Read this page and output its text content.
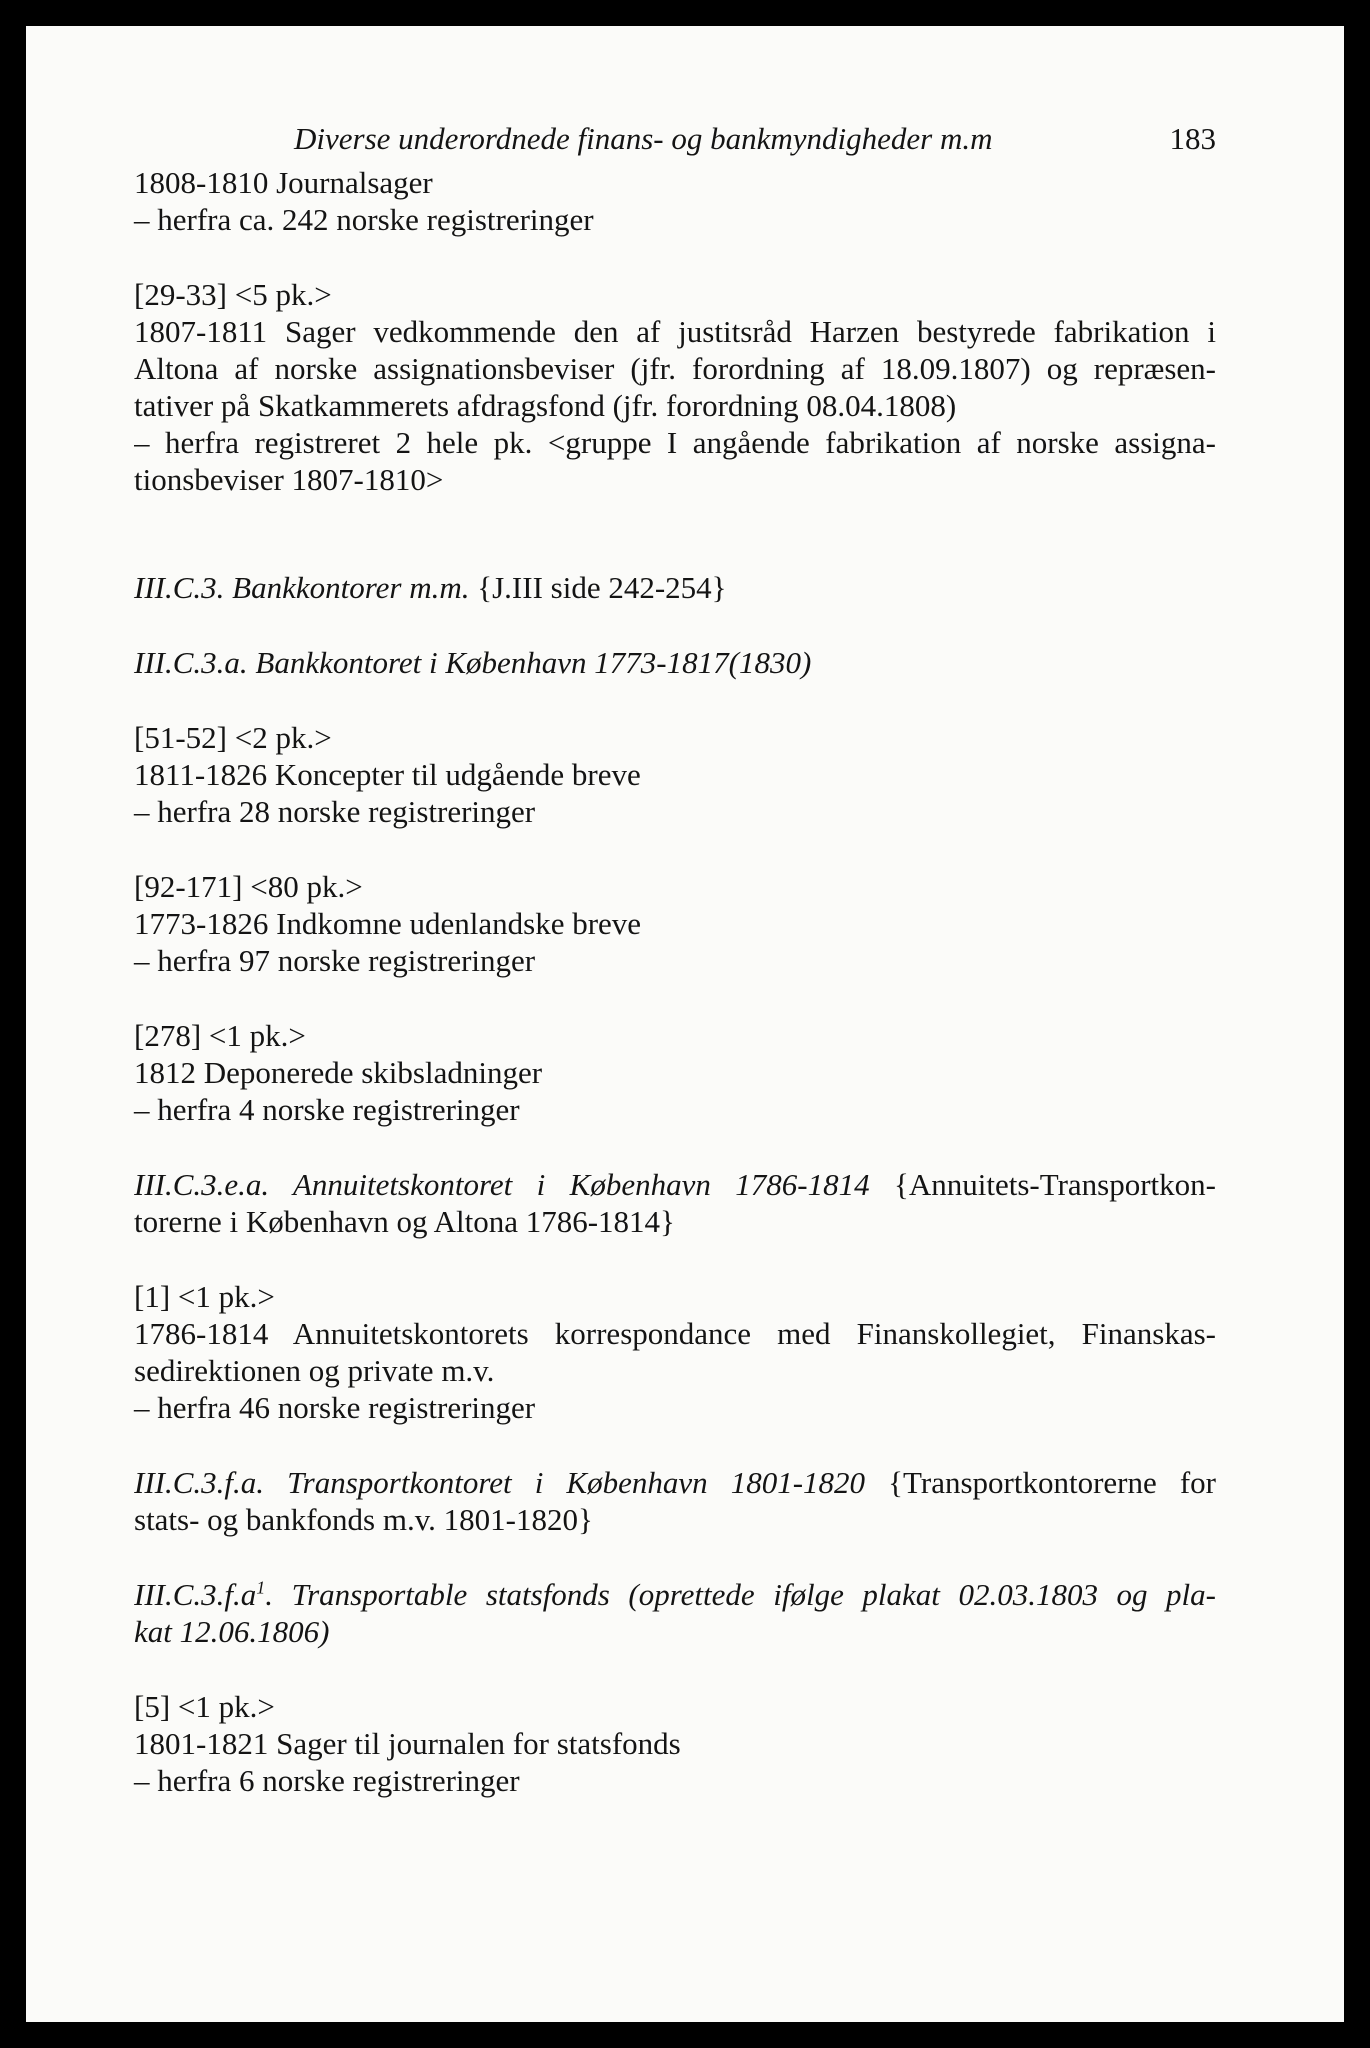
Diverse underordnede finans- og bankmyndigheder m.m	183
1808-1810 Journalsager
– herfra ca. 242 norske registreringer
[29-33] <5 pk.>
1807-1811 Sager vedkommende den af justitsråd Harzen bestyrede fabrikation i
Altona af norske assignationsbeviser (jfr. forordning af 18.09.1807) og repræsen-
tativer på Skatkammerets afdragsfond (jfr. forordning 08.04.1808)
– herfra registreret 2 hele pk. <gruppe I angående fabrikation af norske assigna-
tionsbeviser 1807-1810>
III.C.3. Bankkontorer m.m. {J.III side 242-254}
III.C.3.a. Bankkontoret i København 1773-1817(1830)
[51-52] <2 pk.>
1811-1826 Koncepter til udgående breve
– herfra 28 norske registreringer
[92-171] <80 pk.>
1773-1826 Indkomne udenlandske breve
– herfra 97 norske registreringer
[278] <1 pk.>
1812 Deponerede skibsladninger
– herfra 4 norske registreringer
III.C.3.e.a. Annuitetskontoret i København 1786-1814 {Annuitets-Transportkon-
torerne i København og Altona 1786-1814}
[1] <1 pk.>
1786-1814 Annuitetskontorets korrespondance med Finanskollegiet, Finanskas-
sedirektionen og private m.v.
– herfra 46 norske registreringer
III.C.3.f.a. Transportkontoret i København 1801-1820 {Transportkontorerne for
stats- og bankfonds m.v. 1801-1820}
$III.C.3.f.a^1$. Transportable statsfonds (oprettede ifølge plakat 02.03.1803 og pla-
kat 12.06.1806)
[5] <1 pk.>
1801-1821 Sager til journalen for statsfonds
– herfra 6 norske registreringer
